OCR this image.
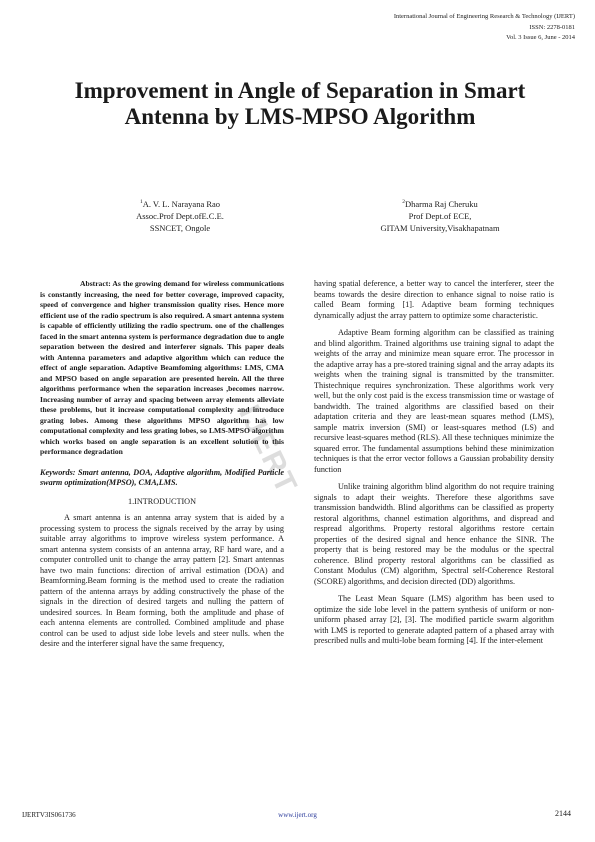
International Journal of Engineering Research & Technology (IJERT)
ISSN: 2278-0181
Vol. 3 Issue 6, June - 2014
Improvement in Angle of Separation in Smart Antenna by LMS-MPSO Algorithm
$^1$A. V. L. Narayana Rao
Assoc.Prof Dept.ofE.C.E.
SSNCET, Ongole
$^2$Dharma Raj Cheruku
Prof Dept.of ECE,
GITAM University,Visakhapatnam
IJERT

Abstract: As the growing demand for wireless communications is constantly increasing, the need for better coverage, improved capacity, speed of convergence and higher transmission quality rises. Hence more efficient use of the radio spectrum is also required. A smart antenna system is capable of efficiently utilizing the radio spectrum. one of the challenges faced in the smart antenna system is performance degradation due to angle separation between the desired and interferer signals. This paper deals with Antenna parameters and adaptive algorithm which can reduce the effect of angle separation. Adaptive Beamfoming algorithms: LMS, CMA and MPSO based on angle separation are presented herein. All the three algorithms performance when the separation increases ,becomes narrow. Increasing number of array and spacing between array elements alleviate these problems, but it increase computational complexity and introduce grating lobes. Among these algorithms MPSO algorithm has low computational complexity and less grating lobes, so LMS-MPSO algorithm which works based on angle separation is an excellent solution to this performance degradation

Keywords: Smart antenna, DOA, Adaptive algorithm, Modified Particle swarm optimization(MPSO), CMA,LMS.

1.INTRODUCTION

A smart antenna is an antenna array system that is aided by a processing system to process the signals received by the array by using suitable array algorithms to improve wireless system performance. A smart antenna system consists of an antenna array, RF hard ware, and a computer controlled unit to change the array pattern [2]. Smart antennas have two main functions: direction of arrival estimation (DOA) and Beamforming.Beam forming is the method used to create the radiation pattern of the antenna arrays by adding constructively the phase of the signals in the direction of desired targets and nulling the pattern of undesired sources. In Beam forming, both the amplitude and phase of each antenna elements are controlled. Combined amplitude and phase control can be used to adjust side lobe levels and steer nulls. when the desire and the interferer signal have the same frequency,

having spatial deference, a better way to cancel the interferer, steer the beams towards the desire direction to enhance signal to noise ratio is called Beam forming [1]. Adaptive beam forming techniques dynamically adjust the array pattern to optimize some characteristic.

Adaptive Beam forming algorithm can be classified as training and blind algorithm. Trained algorithms use training signal to adapt the weights of the array and minimize mean square error. The processor in the adaptive array has a pre-stored training signal and the array adapts its weights when the training signal is transmitted by the transmitter. Thistechnique requires synchronization. These algorithms work very well, but the only cost paid is the excess transmission time or wastage of bandwidth. The trained algorithms are classified based on their adaptation criteria and they are least-mean squares method (LMS), sample matrix inversion (SMI) or least-squares method (LS) and recursive least-squares method (RLS). All these techniques minimize the squared error. The fundamental assumptions behind these minimization techniques is that the error vector follows a Gaussian probability density function

Unlike training algorithm blind algorithm do not require training signals to adapt their weights. Therefore these algorithms save transmission bandwidth. Blind algorithms can be classified as property restoral algorithms, channel estimation algorithms, and dispread and respread algorithms. Property restoral algorithms restore certain properties of the desired signal and hence enhance the SINR. The property that is being restored may be the modulus or the spectral coherence. Blind property restoral algorithms can be classified as Constant Modulus (CM) algorithm, Spectral self-Coherence Restoral (SCORE) algorithms, and decision directed (DD) algorithms.

The Least Mean Square (LMS) algorithm has been used to optimize the side lobe level in the pattern synthesis of uniform or non-uniform phased array [2], [3]. The modified particle swarm algorithm with LMS is reported to generate adapted pattern of a phased array with prescribed nulls and multi-lobe beam forming [4]. If the inter-element

IJERTV3IS061736	www.ijert.org	2144
